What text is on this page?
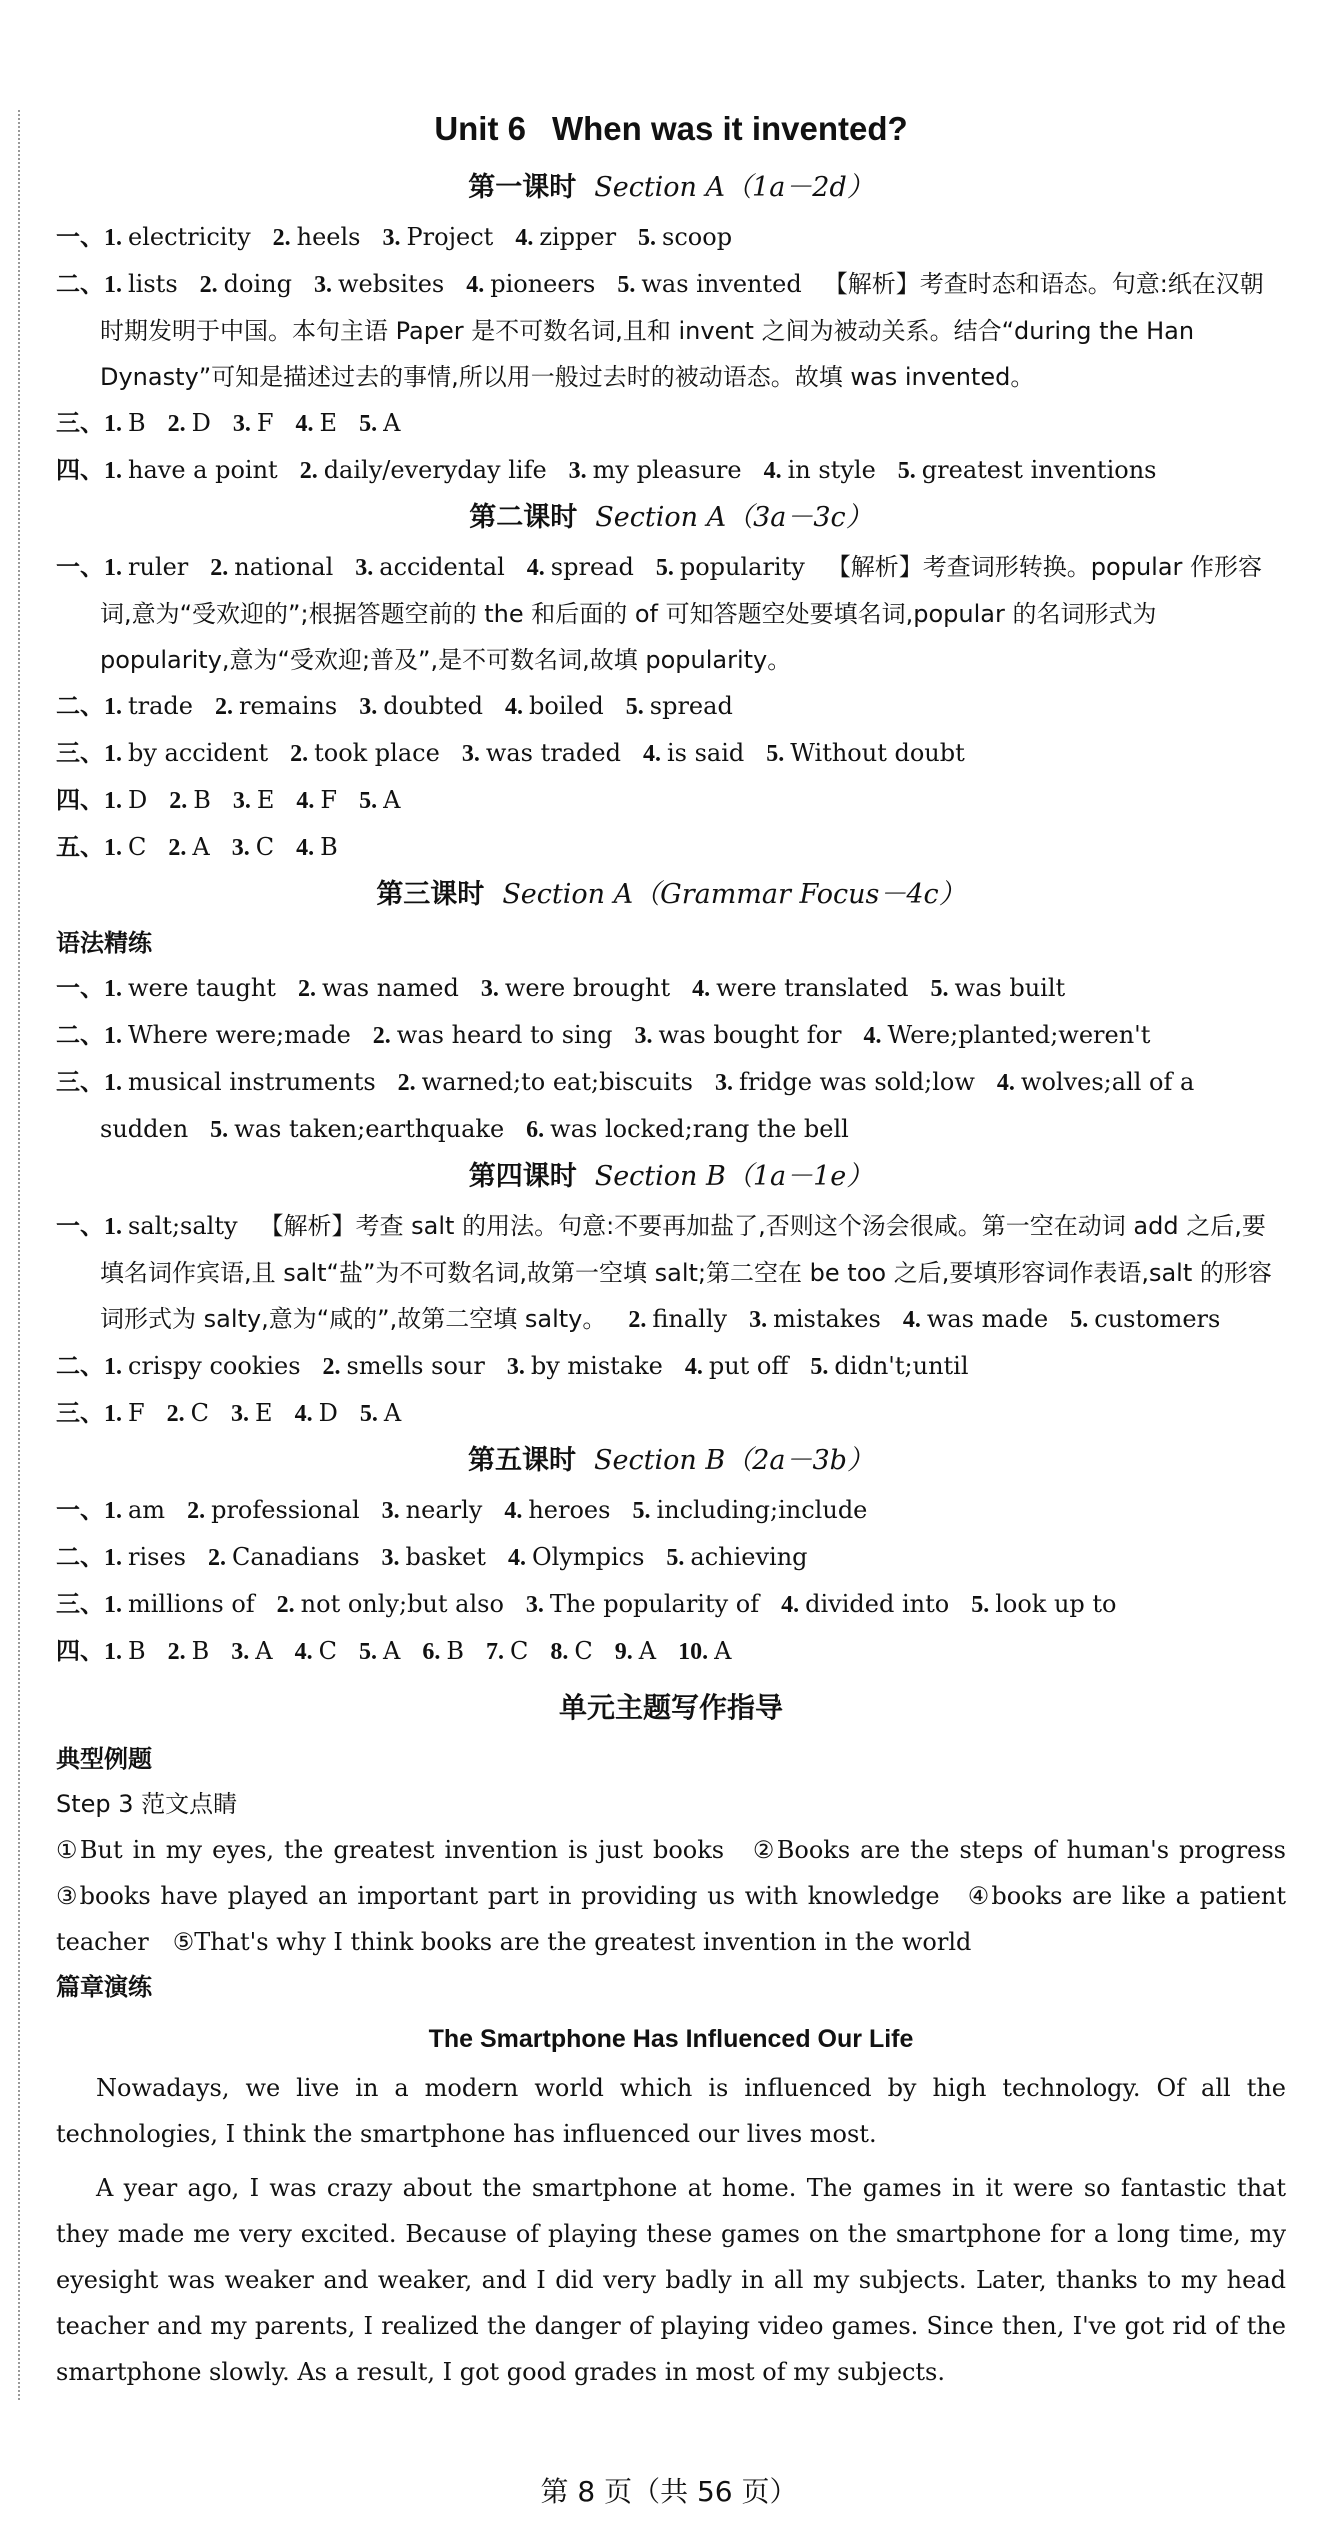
Unit 6 When was it invented?
第一课时 Section A（1a－2d）
一、1. electricity 2. heels 3. Project 4. zipper 5. scoop
二、1. lists 2. doing 3. websites 4. pioneers 5. was invented 【解析】考查时态和语态。句意:纸在汉朝时期发明于中国。本句主语 Paper 是不可数名词,且和 invent 之间为被动关系。结合“during the Han Dynasty”可知是描述过去的事情,所以用一般过去时的被动语态。故填 was invented。
三、1. B 2. D 3. F 4. E 5. A
四、1. have a point 2. daily/everyday life 3. my pleasure 4. in style 5. greatest inventions
第二课时 Section A（3a－3c）
一、1. ruler 2. national 3. accidental 4. spread 5. popularity 【解析】考查词形转换。popular 作形容词,意为“受欢迎的”;根据答题空前的 the 和后面的 of 可知答题空处要填名词,popular 的名词形式为 popularity,意为“受欢迎;普及”,是不可数名词,故填 popularity。
二、1. trade 2. remains 3. doubted 4. boiled 5. spread
三、1. by accident 2. took place 3. was traded 4. is said 5. Without doubt
四、1. D 2. B 3. E 4. F 5. A
五、1. C 2. A 3. C 4. B
第三课时 Section A（Grammar Focus－4c）
语法精练
一、1. were taught 2. was named 3. were brought 4. were translated 5. was built
二、1. Where were;made 2. was heard to sing 3. was bought for 4. Were;planted;weren't
三、1. musical instruments 2. warned;to eat;biscuits 3. fridge was sold;low 4. wolves;all of a sudden 5. was taken;earthquake 6. was locked;rang the bell
第四课时 Section B（1a－1e）
一、1. salt;salty 【解析】考查 salt 的用法。句意:不要再加盐了,否则这个汤会很咸。第一空在动词 add 之后,要填名词作宾语,且 salt“盐”为不可数名词,故第一空填 salt;第二空在 be too 之后,要填形容词作表语,salt 的形容词形式为 salty,意为“咸的”,故第二空填 salty。 2. finally 3. mistakes 4. was made 5. customers
二、1. crispy cookies 2. smells sour 3. by mistake 4. put off 5. didn't;until
三、1. F 2. C 3. E 4. D 5. A
第五课时 Section B（2a－3b）
一、1. am 2. professional 3. nearly 4. heroes 5. including;include
二、1. rises 2. Canadians 3. basket 4. Olympics 5. achieving
三、1. millions of 2. not only;but also 3. The popularity of 4. divided into 5. look up to
四、1. B 2. B 3. A 4. C 5. A 6. B 7. C 8. C 9. A 10. A
单元主题写作指导
典型例题
Step 3 范文点睛
①But in my eyes, the greatest invention is just books　②Books are the steps of human's progress　③books have played an important part in providing us with knowledge　④books are like a patient teacher　⑤That's why I think books are the greatest invention in the world
篇章演练
The Smartphone Has Influenced Our Life

Nowadays, we live in a modern world which is influenced by high technology. Of all the technologies, I think the smartphone has influenced our lives most.

A year ago, I was crazy about the smartphone at home. The games in it were so fantastic that they made me very excited. Because of playing these games on the smartphone for a long time, my eyesight was weaker and weaker, and I did very badly in all my subjects. Later, thanks to my head teacher and my parents, I realized the danger of playing video games. Since then, I've got rid of the smartphone slowly. As a result, I got good grades in most of my subjects.

第 8 页（共 56 页）
